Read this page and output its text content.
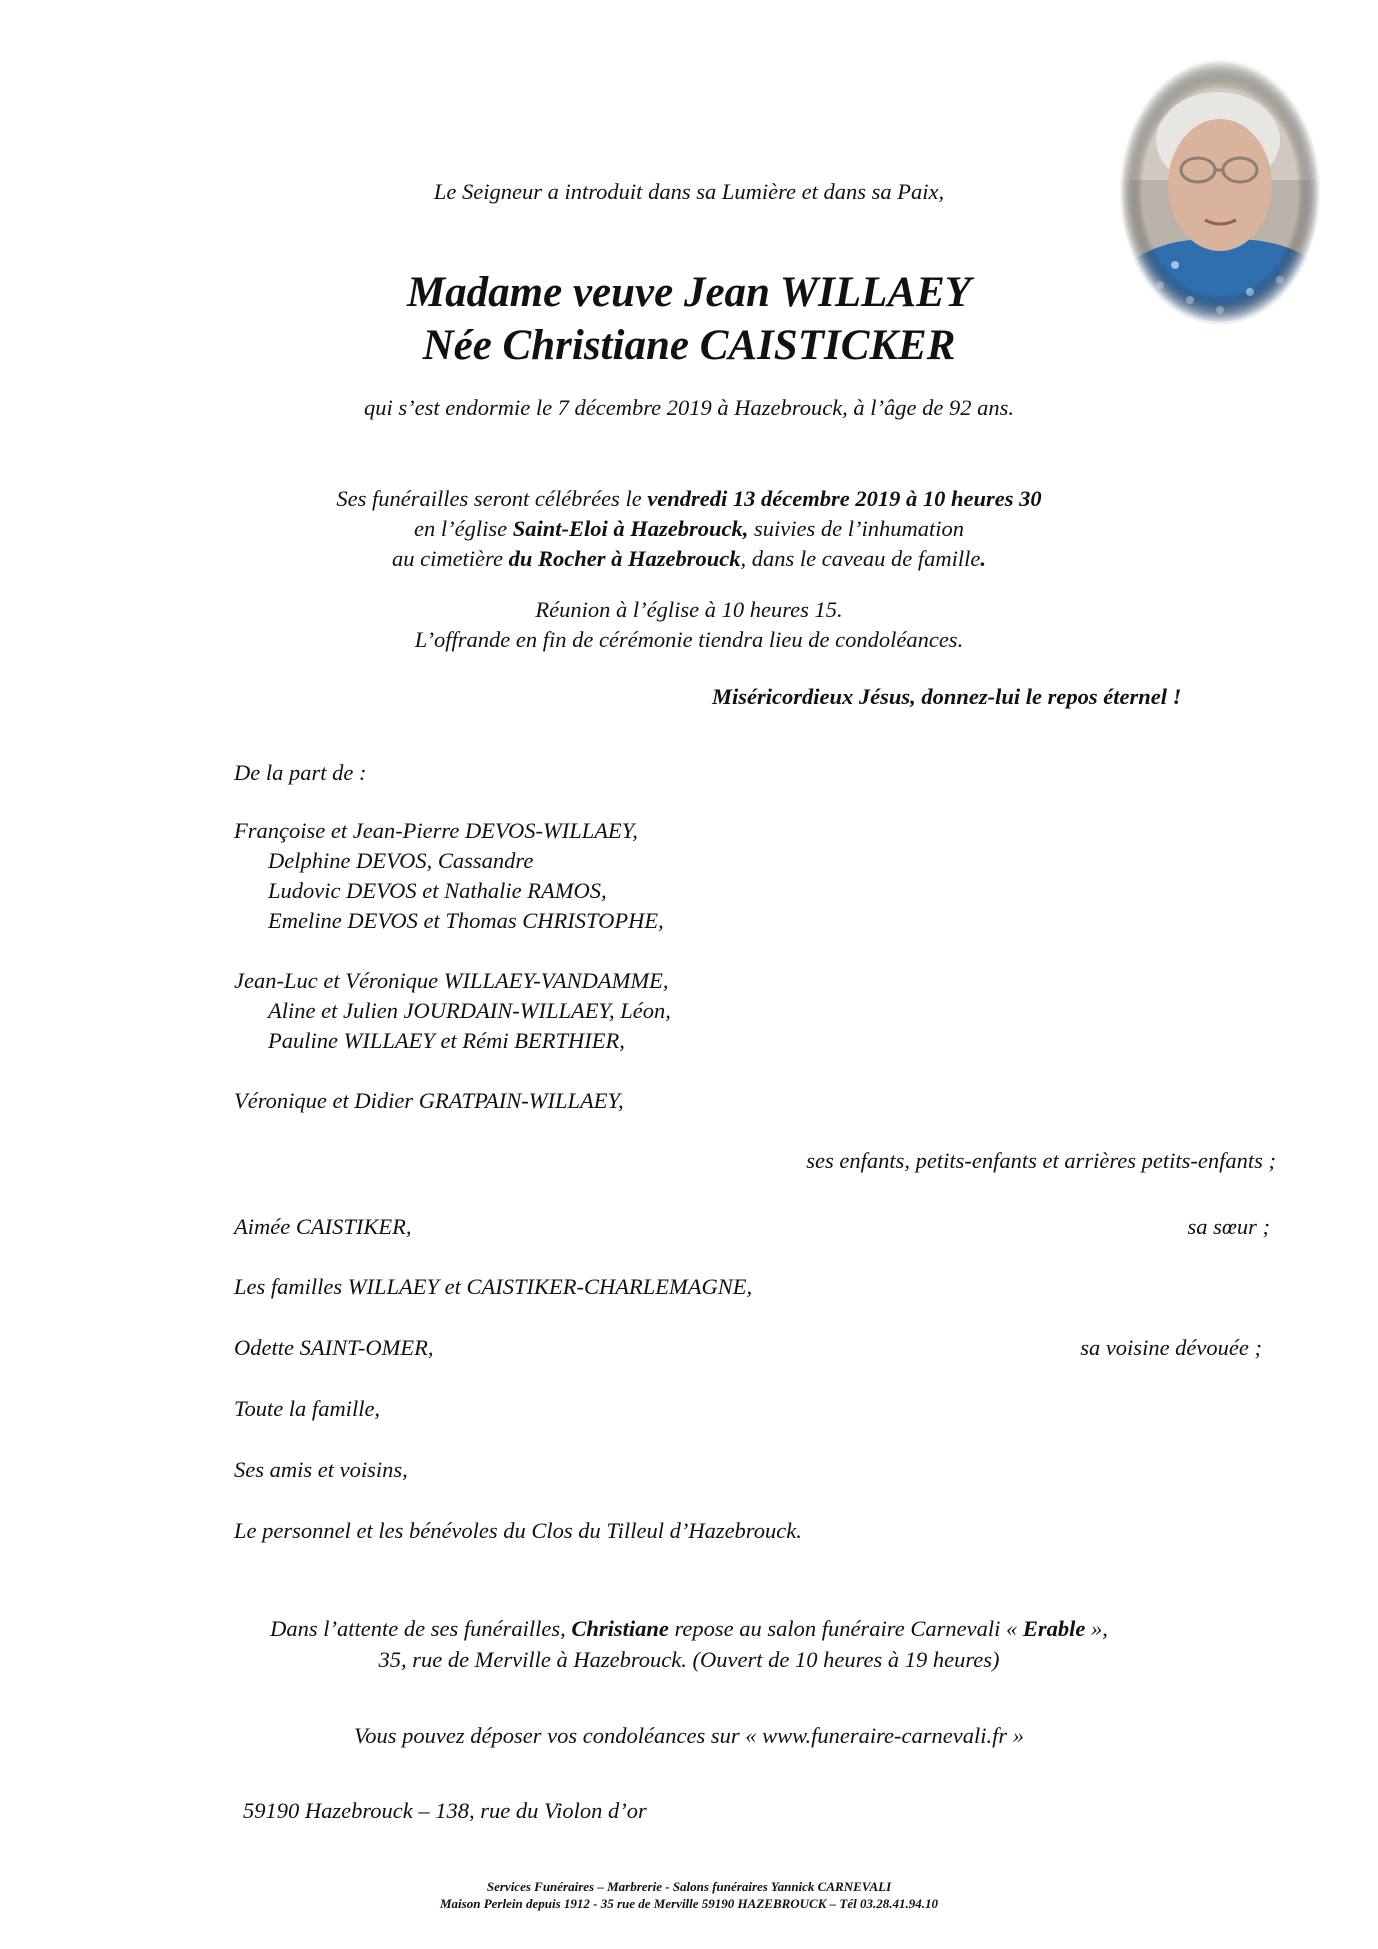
Le Seigneur a introduit dans sa Lumière et dans sa Paix,
Madame veuve Jean WILLAEY
Née Christiane CAISTICKER
qui s’est endormie le 7 décembre 2019 à Hazebrouck, à l’âge de 92 ans.
Ses funérailles seront célébrées le vendredi 13 décembre 2019 à 10 heures 30
en l’église Saint-Eloi à Hazebrouck, suivies de l’inhumation
au cimetière du Rocher à Hazebrouck, dans le caveau de famille.
Réunion à l’église à 10 heures 15.
L’offrande en fin de cérémonie tiendra lieu de condoléances.
Miséricordieux Jésus, donnez-lui le repos éternel !
De la part de :
Françoise et Jean-Pierre DEVOS-WILLAEY,
Delphine DEVOS, Cassandre
Ludovic DEVOS et Nathalie RAMOS,
Emeline DEVOS et Thomas CHRISTOPHE,
Jean-Luc et Véronique WILLAEY-VANDAMME,
Aline et Julien JOURDAIN-WILLAEY, Léon,
Pauline WILLAEY et Rémi BERTHIER,
Véronique et Didier GRATPAIN-WILLAEY,
ses enfants, petits-enfants et arrières petits-enfants ;
Aimée CAISTIKER,	sa sœur ;
Les familles WILLAEY et CAISTIKER-CHARLEMAGNE,
Odette SAINT-OMER,	sa voisine dévouée ;
Toute la famille,
Ses amis et voisins,
Le personnel et les bénévoles du Clos du Tilleul d’Hazebrouck.
Dans l’attente de ses funérailles, Christiane repose au salon funéraire Carnevali « Erable »,
35, rue de Merville à Hazebrouck. (Ouvert de 10 heures à 19 heures)
Vous pouvez déposer vos condoléances sur « www.funeraire-carnevali.fr »
59190 Hazebrouck – 138, rue du Violon d’or
Services Funéraires – Marbrerie - Salons funéraires Yannick CARNEVALI
Maison Perlein depuis 1912 - 35 rue de Merville 59190 HAZEBROUCK – Tél 03.28.41.94.10
